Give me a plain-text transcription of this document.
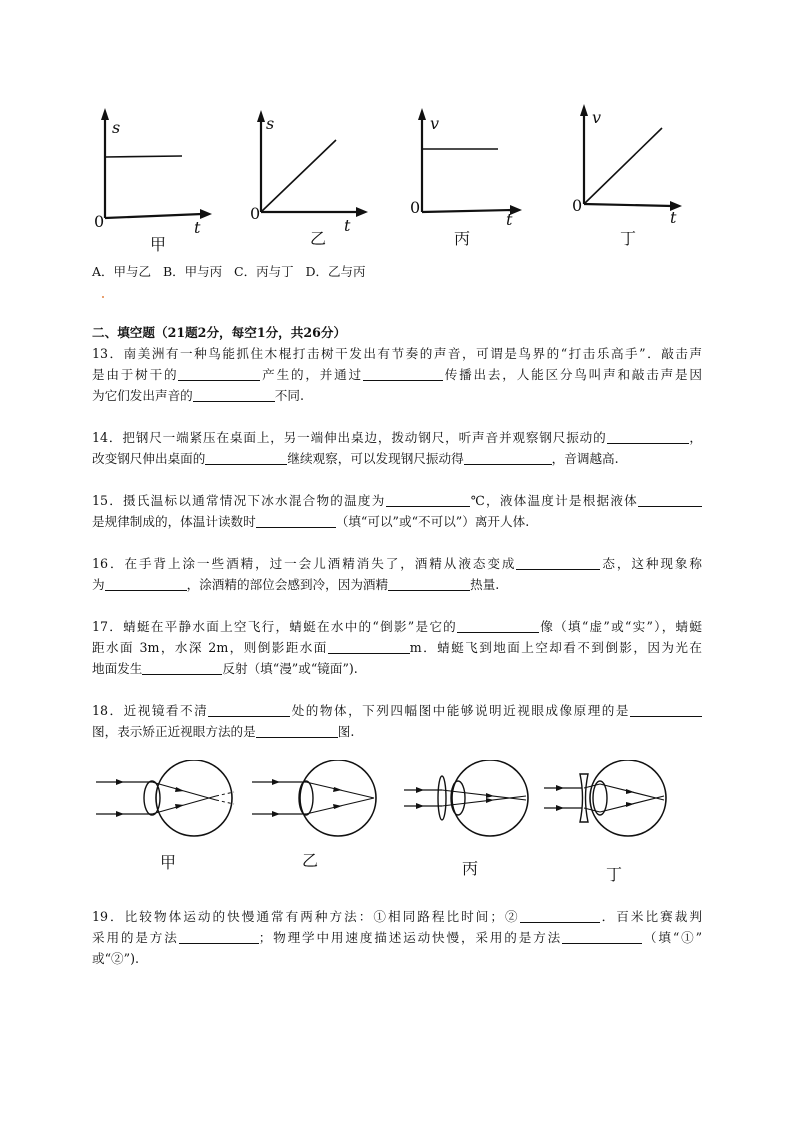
s
0	t
甲
s
0
t
乙
v
0
t
丙
v
0
t
丁
A．甲与乙   B．甲与丙   C．丙与丁   D．乙与丙
二、填空题（21题2分，每空1分，共26分）
13．南美洲有一种鸟能抓住木棍打击树干发出有节奏的声音，可谓是鸟界的“打击乐高手”．敲击声
是由于树干的	产生的，并通过	传播出去，人能区分鸟叫声和敲击声是因
为它们发出声音的	不同.
14．把钢尺一端紧压在桌面上，另一端伸出桌边，拨动钢尺，听声音并观察钢尺振动的	，
改变钢尺伸出桌面的	继续观察，可以发现钢尺振动得	，音调越高.
15．摄氏温标以通常情况下冰水混合物的温度为	℃，液体温度计是根据液体
是规律制成的，体温计读数时	（填“可以”或“不可以”）离开人体.
16．在手背上涂一些酒精，过一会儿酒精消失了，酒精从液态变成	态，这种现象称
为	，涂酒精的部位会感到冷，因为酒精	热量.
17．蜻蜓在平静水面上空飞行，蜻蜓在水中的“倒影”是它的	像（填“虚”或“实”），蜻蜓
距水面 3m，水深 2m，则倒影距水面	m．蜻蜓飞到地面上空却看不到倒影，因为光在
地面发生	反射（填“漫”或“镜面”).
18．近视镜看不清	处的物体，下列四幅图中能够说明近视眼成像原理的是
图，表示矫正近视眼方法的是	图.
甲	乙	丙	丁
19．比较物体运动的快慢通常有两种方法：①相同路程比时间；②	．百米比赛裁判
采用的是方法	；物理学中用速度描述运动快慢，采用的是方法	（填“①”
或“②”).
